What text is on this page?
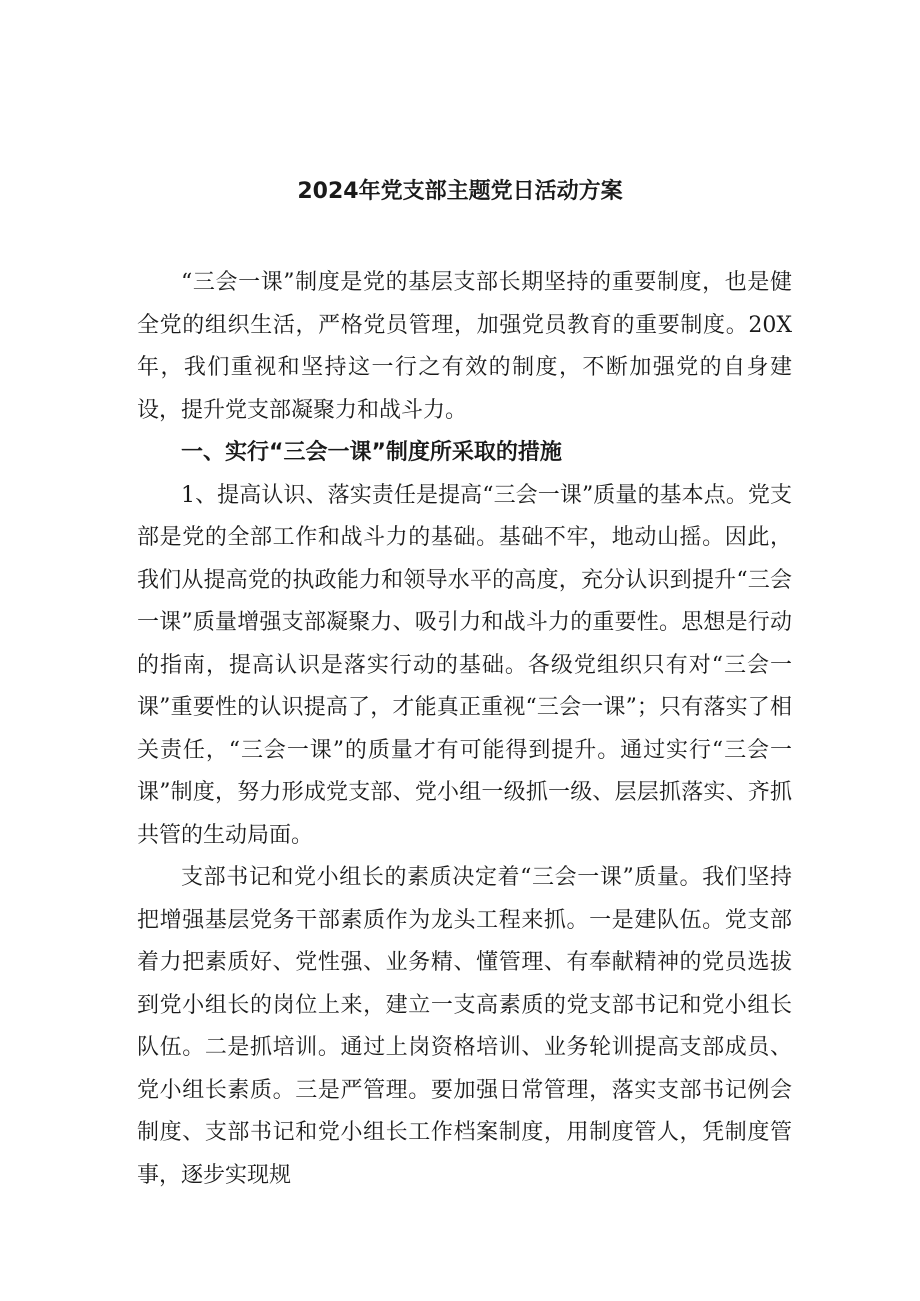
2024年党支部主题党日活动方案

“三会一课”制度是党的基层支部长期坚持的重要制度，也是健全党的组织生活，严格党员管理，加强党员教育的重要制度。20X年，我们重视和坚持这一行之有效的制度，不断加强党的自身建设，提升党支部凝聚力和战斗力。

一、实行“三会一课”制度所采取的措施

1、提高认识、落实责任是提高“三会一课”质量的基本点。党支部是党的全部工作和战斗力的基础。基础不牢，地动山摇。因此，我们从提高党的执政能力和领导水平的高度，充分认识到提升“三会一课”质量增强支部凝聚力、吸引力和战斗力的重要性。思想是行动的指南，提高认识是落实行动的基础。各级党组织只有对“三会一课”重要性的认识提高了，才能真正重视“三会一课”；只有落实了相关责任，“三会一课”的质量才有可能得到提升。通过实行“三会一课”制度，努力形成党支部、党小组一级抓一级、层层抓落实、齐抓共管的生动局面。

支部书记和党小组长的素质决定着“三会一课”质量。我们坚持把增强基层党务干部素质作为龙头工程来抓。一是建队伍。党支部着力把素质好、党性强、业务精、懂管理、有奉献精神的党员选拔到党小组长的岗位上来，建立一支高素质的党支部书记和党小组长队伍。二是抓培训。通过上岗资格培训、业务轮训提高支部成员、党小组长素质。三是严管理。要加强日常管理，落实支部书记例会制度、支部书记和党小组长工作档案制度，用制度管人，凭制度管事，逐步实现规
